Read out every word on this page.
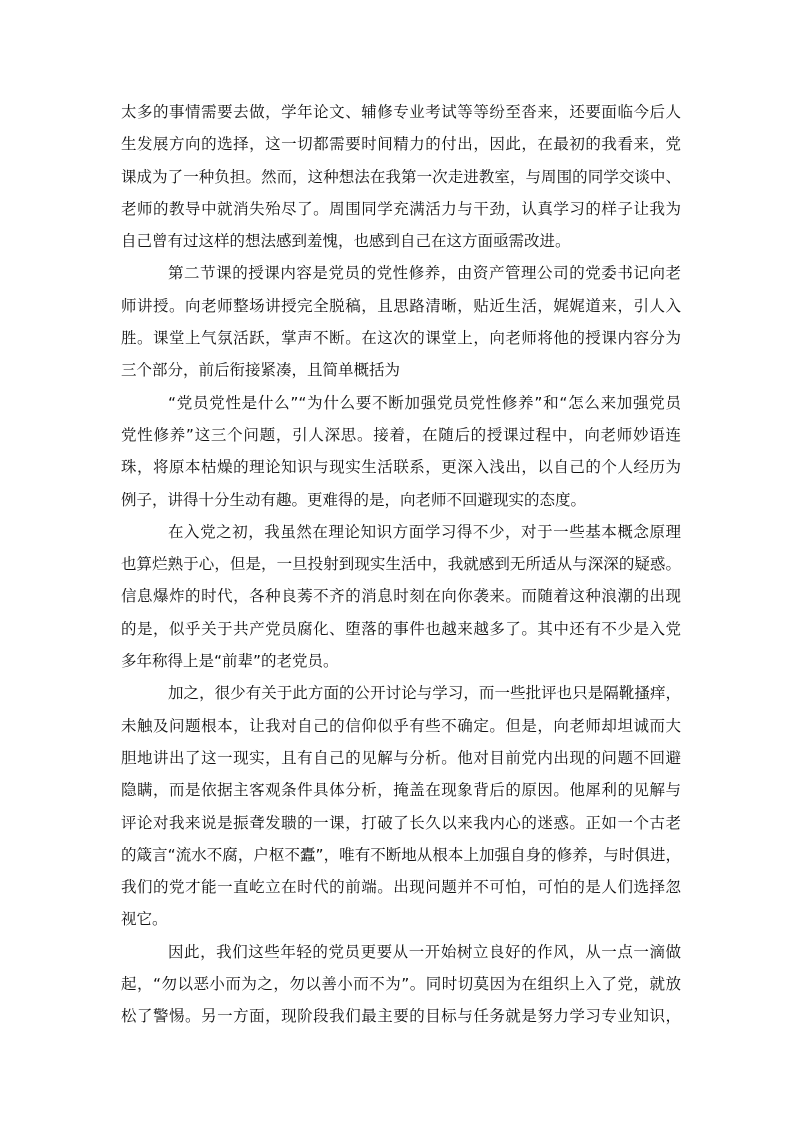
太多的事情需要去做，学年论文、辅修专业考试等等纷至沓来，还要面临今后人
生发展方向的选择，这一切都需要时间精力的付出，因此，在最初的我看来，党
课成为了一种负担。然而，这种想法在我第一次走进教室，与周围的同学交谈中、
老师的教导中就消失殆尽了。周围同学充满活力与干劲，认真学习的样子让我为
自己曾有过这样的想法感到羞愧，也感到自己在这方面亟需改进。

第二节课的授课内容是党员的党性修养，由资产管理公司的党委书记向老
师讲授。向老师整场讲授完全脱稿，且思路清晰，贴近生活，娓娓道来，引人入
胜。课堂上气氛活跃，掌声不断。在这次的课堂上，向老师将他的授课内容分为
三个部分，前后衔接紧凑，且简单概括为

“党员党性是什么”“为什么要不断加强党员党性修养”和“怎么来加强党员
党性修养”这三个问题，引人深思。接着，在随后的授课过程中，向老师妙语连
珠，将原本枯燥的理论知识与现实生活联系，更深入浅出，以自己的个人经历为
例子，讲得十分生动有趣。更难得的是，向老师不回避现实的态度。

在入党之初，我虽然在理论知识方面学习得不少，对于一些基本概念原理
也算烂熟于心，但是，一旦投射到现实生活中，我就感到无所适从与深深的疑惑。
信息爆炸的时代，各种良莠不齐的消息时刻在向你袭来。而随着这种浪潮的出现
的是，似乎关于共产党员腐化、堕落的事件也越来越多了。其中还有不少是入党
多年称得上是“前辈”的老党员。

加之，很少有关于此方面的公开讨论与学习，而一些批评也只是隔靴搔痒，
未触及问题根本，让我对自己的信仰似乎有些不确定。但是，向老师却坦诚而大
胆地讲出了这一现实，且有自己的见解与分析。他对目前党内出现的问题不回避
隐瞒，而是依据主客观条件具体分析，掩盖在现象背后的原因。他犀利的见解与
评论对我来说是振聋发聩的一课，打破了长久以来我内心的迷惑。正如一个古老
的箴言“流水不腐，户枢不蠹”，唯有不断地从根本上加强自身的修养，与时俱进，
我们的党才能一直屹立在时代的前端。出现问题并不可怕，可怕的是人们选择忽
视它。

因此，我们这些年轻的党员更要从一开始树立良好的作风，从一点一滴做
起，“勿以恶小而为之，勿以善小而不为”。同时切莫因为在组织上入了党，就放
松了警惕。另一方面，现阶段我们最主要的目标与任务就是努力学习专业知识，
